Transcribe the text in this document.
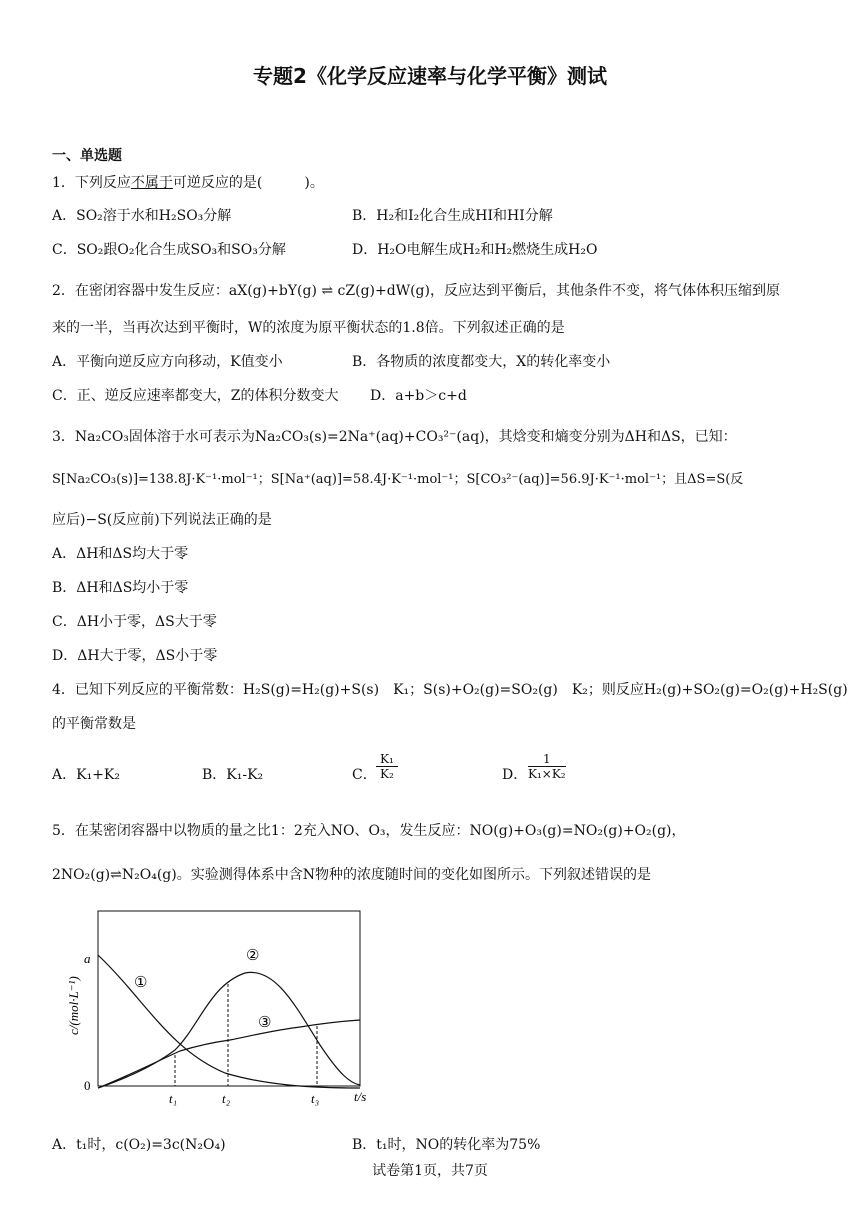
专题2《化学反应速率与化学平衡》测试
一、单选题
1．下列反应不属于可逆反应的是(　　　)。
A．SO₂溶于水和H₂SO₃分解	B．H₂和I₂化合生成HI和HI分解
C．SO₂跟O₂化合生成SO₃和SO₃分解	D．H₂O电解生成H₂和H₂燃烧生成H₂O
2．在密闭容器中发生反应：aX(g)+bY(g) ⇌ cZ(g)+dW(g)，反应达到平衡后，其他条件不变，将气体体积压缩到原
来的一半，当再次达到平衡时，W的浓度为原平衡状态的1.8倍。下列叙述正确的是
A．平衡向逆反应方向移动，K值变小	B．各物质的浓度都变大，X的转化率变小
C．正、逆反应速率都变大，Z的体积分数变大 D．a+b＞c+d
3．Na₂CO₃固体溶于水可表示为Na₂CO₃(s)=2Na⁺(aq)+CO₃²⁻(aq)，其焓变和熵变分别为ΔH和ΔS，已知：
S[Na₂CO₃(s)]=138.8J·K⁻¹·mol⁻¹；S[Na⁺(aq)]=58.4J·K⁻¹·mol⁻¹；S[CO₃²⁻(aq)]=56.9J·K⁻¹·mol⁻¹；且ΔS=S(反
应后)−S(反应前)下列说法正确的是
A．ΔH和ΔS均大于零
B．ΔH和ΔS均小于零
C．ΔH小于零，ΔS大于零
D．ΔH大于零，ΔS小于零
4．已知下列反应的平衡常数：H₂S(g)=H₂(g)+S(s)　K₁；S(s)+O₂(g)=SO₂(g)　K₂；则反应H₂(g)+SO₂(g)=O₂(g)+H₂S(g)
的平衡常数是
A．K₁+K₂	B．K₁-K₂	C． $\frac{\text{K₁}}{\text{K₂}}$	D． $\frac{1}{\text{K₁×K₂}}$
5．在某密闭容器中以物质的量之比1：2充入NO、O₃，发生反应：NO(g)+O₃(g)=NO₂(g)+O₂(g)，
2NO₂(g)⇌N₂O₄(g)。实验测得体系中含N物种的浓度随时间的变化如图所示。下列叙述错误的是
c/(mol·L⁻¹)
a
0
t/s
t₁	t₂	t₃
①
②
③
A．t₁时，c(O₂)=3c(N₂O₄)	B．t₁时，NO的转化率为75%
试卷第1页，共7页
